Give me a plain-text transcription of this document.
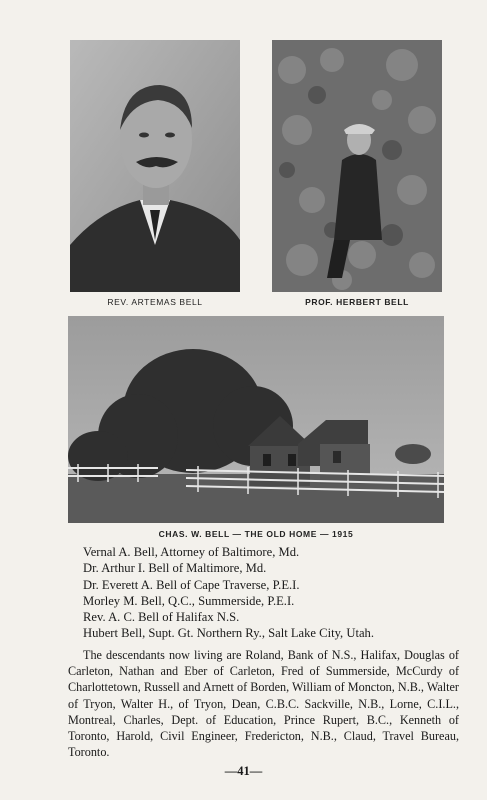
REV. ARTEMAS BELL	PROF. HERBERT BELL
CHAS. W. BELL — THE OLD HOME — 1915
Vernal A. Bell, Attorney of Baltimore, Md.
Dr. Arthur I. Bell of Maltimore, Md.
Dr. Everett A. Bell of Cape Traverse, P.E.I.
Morley M. Bell, Q.C., Summerside, P.E.I.
Rev. A. C. Bell of Halifax N.S.
Hubert Bell, Supt. Gt. Northern Ry., Salt Lake City, Utah.

The descendants now living are Roland, Bank of N.S., Halifax, Douglas of Carleton, Nathan and Eber of Carleton, Fred of Summerside, McCurdy of Charlottetown, Russell and Arnett of Borden, William of Moncton, N.B., Walter of Tryon, Walter H., of Tryon, Dean, C.B.C. Sackville, N.B., Lorne, C.I.L., Montreal, Charles, Dept. of Education, Prince Rupert, B.C., Kenneth of Toronto, Harold, Civil Engineer, Fredericton, N.B., Claud, Travel Bureau, Toronto.

—41—
